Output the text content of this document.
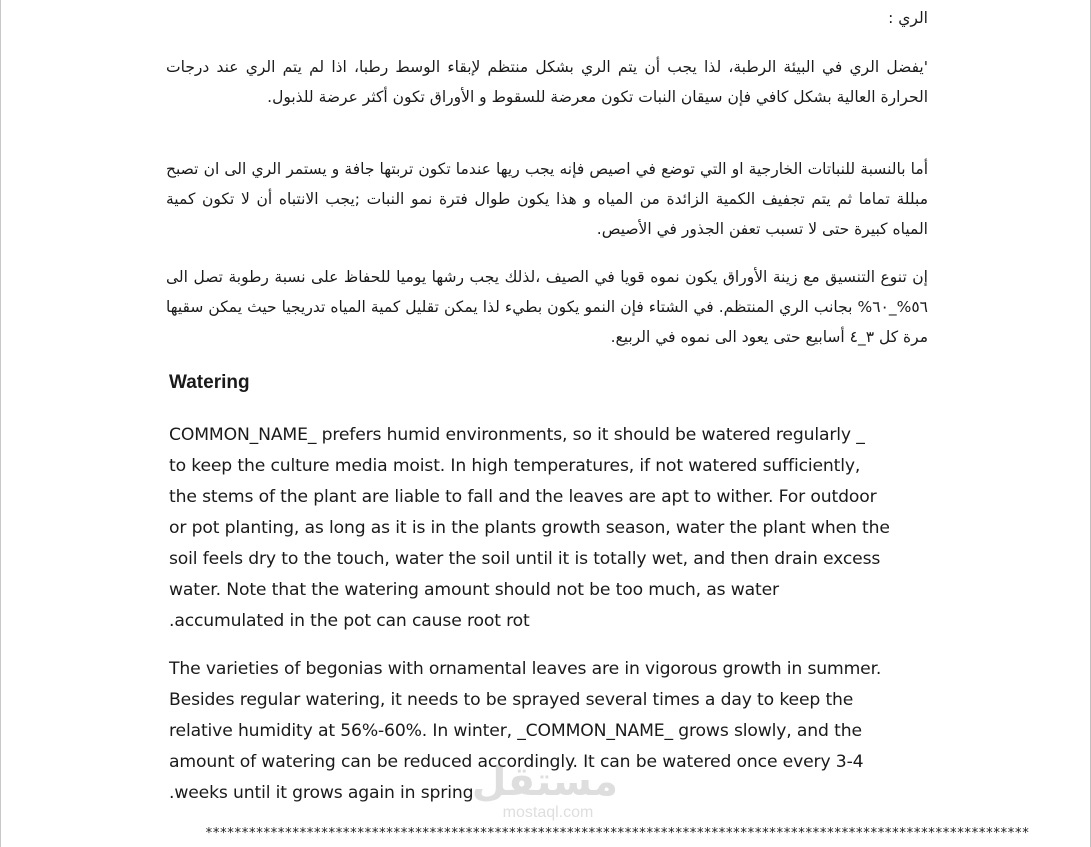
الري :

'يفضل الري في البيئة الرطبة، لذا يجب أن يتم الري بشكل منتظم لإبقاء الوسط رطبا، اذا لم يتم الري عند درجات الحرارة العالية بشكل كافي فإن سيقان النبات تكون معرضة للسقوط و الأوراق تكون أكثر عرضة للذبول.

أما بالنسبة للنباتات الخارجية او التي توضع في اصيص فإنه يجب ريها عندما تكون تربتها جافة و يستمر الري الى ان تصبح مبللة تماما ثم يتم تجفيف الكمية الزائدة من المياه و هذا يكون طوال فترة نمو النبات ;يجب الانتباه أن لا تكون كمية المياه كبيرة حتى لا تسبب تعفن الجذور في الأصيص.

إن تنوع التنسيق مع زينة الأوراق يكون نموه قويا في الصيف ،لذلك يجب رشها يوميا للحفاظ على نسبة رطوبة تصل الى ٥٦%_٦٠% بجانب الري المنتظم. في الشتاء فإن النمو يكون بطيء لذا يمكن تقليل كمية المياه تدريجيا حيث يمكن سقيها مرة كل ٣_٤ أسابيع حتى يعود الى نموه في الربيع.

Watering

COMMON_NAME_ prefers humid environments, so it should be watered regularly _
to keep the culture media moist. In high temperatures, if not watered sufficiently,
the stems of the plant are liable to fall and the leaves are apt to wither. For outdoor
or pot planting, as long as it is in the plants growth season, water the plant when the
soil feels dry to the touch, water the soil until it is totally wet, and then drain excess
water. Note that the watering amount should not be too much, as water
.accumulated in the pot can cause root rot

The varieties of begonias with ornamental leaves are in vigorous growth in summer.
Besides regular watering, it needs to be sprayed several times a day to keep the
relative humidity at 56%-60%. In winter, _COMMON_NAME_ grows slowly, and the
amount of watering can be reduced accordingly. It can be watered once every 3-4
.weeks until it grows again in spring

مستقل
mostaql.com
******************************************************************************************************************
